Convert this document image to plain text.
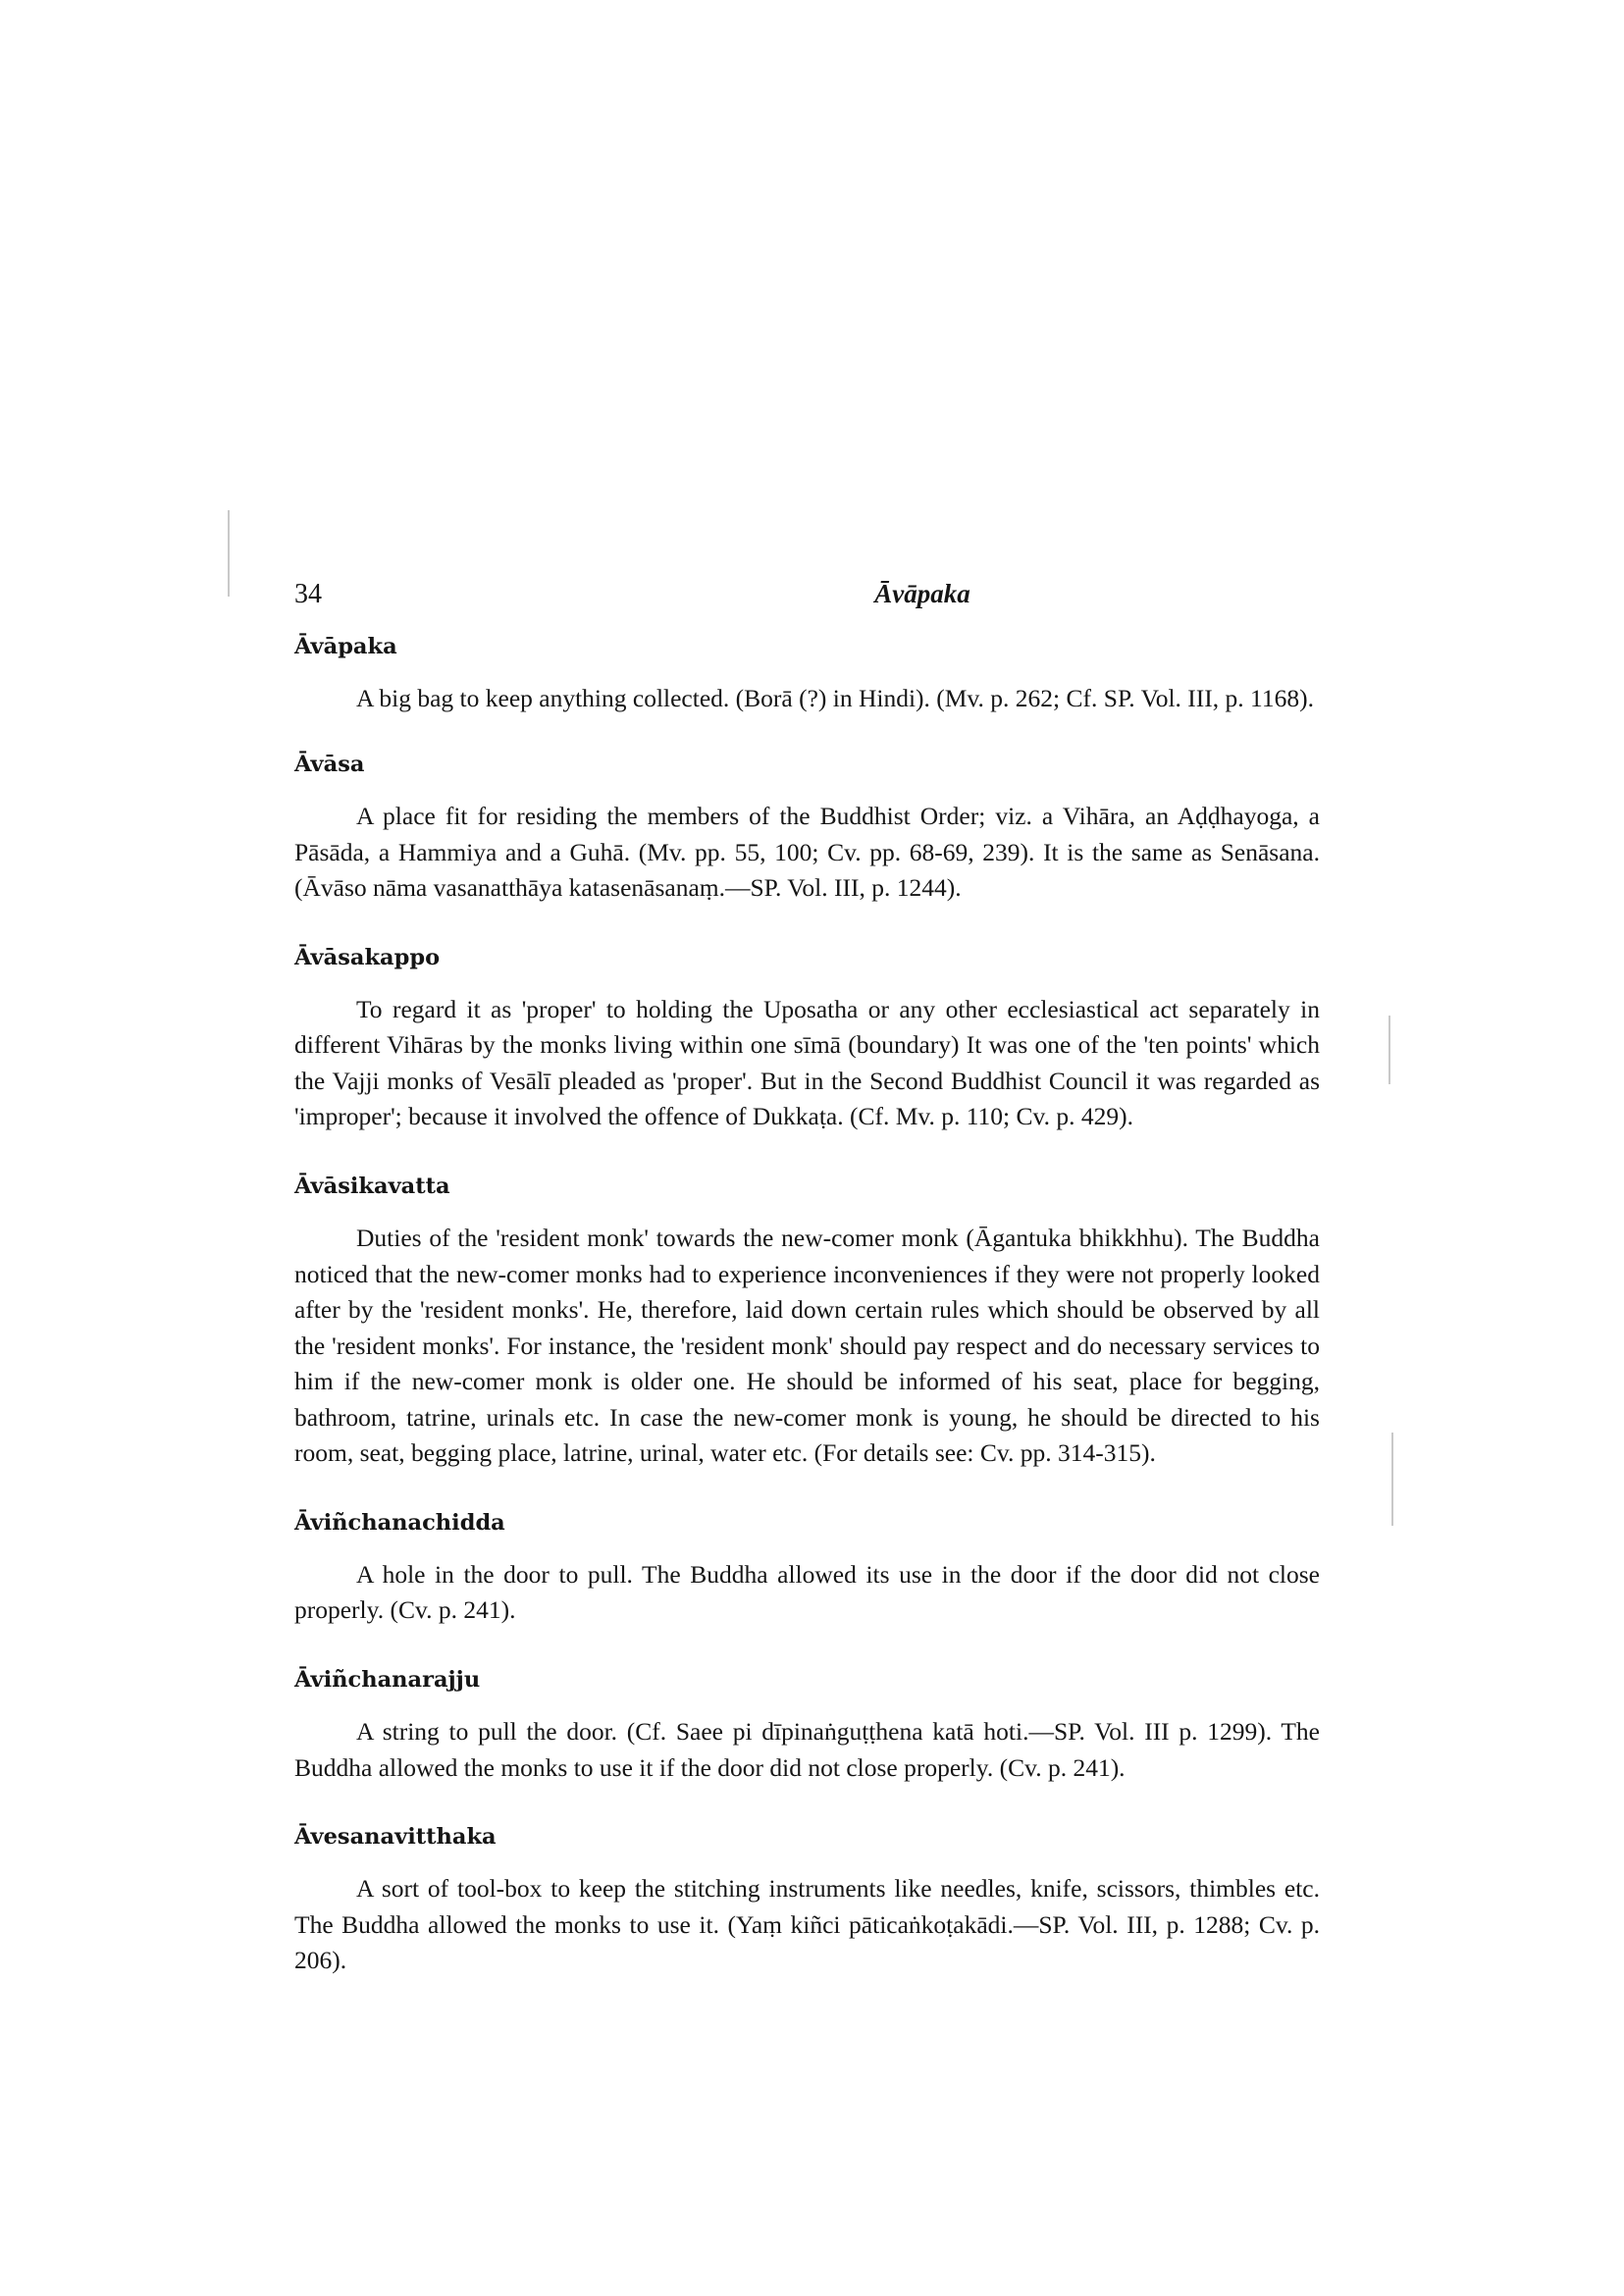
34	Āvāpaka
Āvāpaka

A big bag to keep anything collected. (Borā (?) in Hindi). (Mv. p. 262; Cf. SP. Vol. III, p. 1168).

Āvāsa

A place fit for residing the members of the Buddhist Order; viz. a Vihāra, an Aḍḍhayoga, a Pāsāda, a Hammiya and a Guhā. (Mv. pp. 55, 100; Cv. pp. 68-69, 239). It is the same as Senāsana. (Āvāso nāma vasanatthāya katasenāsanaṃ.—SP. Vol. III, p. 1244).

Āvāsakappo

To regard it as 'proper' to holding the Uposatha or any other ecclesiastical act separately in different Vihāras by the monks living within one sīmā (boundary) It was one of the 'ten points' which the Vajji monks of Vesālī pleaded as 'proper'. But in the Second Buddhist Council it was regarded as 'improper'; because it involved the offence of Dukkaṭa. (Cf. Mv. p. 110; Cv. p. 429).

Āvāsikavatta

Duties of the 'resident monk' towards the new-comer monk (Āgantuka bhikkhhu). The Buddha noticed that the new-comer monks had to experience inconveniences if they were not properly looked after by the 'resident monks'. He, therefore, laid down certain rules which should be observed by all the 'resident monks'. For instance, the 'resident monk' should pay respect and do necessary services to him if the new-comer monk is older one. He should be informed of his seat, place for begging, bathroom, tatrine, urinals etc. In case the new-comer monk is young, he should be directed to his room, seat, begging place, latrine, urinal, water etc. (For details see: Cv. pp. 314-315).

Āviñchanachidda

A hole in the door to pull. The Buddha allowed its use in the door if the door did not close properly. (Cv. p. 241).

Āviñchanarajju

A string to pull the door. (Cf. Saee pi dīpinaṅguṭṭhena katā hoti.—SP. Vol. III p. 1299). The Buddha allowed the monks to use it if the door did not close properly. (Cv. p. 241).

Āvesanavitthaka

A sort of tool-box to keep the stitching instruments like needles, knife, scissors, thimbles etc. The Buddha allowed the monks to use it. (Yaṃ kiñci pāticaṅkoṭakādi.—SP. Vol. III, p. 1288; Cv. p. 206).
